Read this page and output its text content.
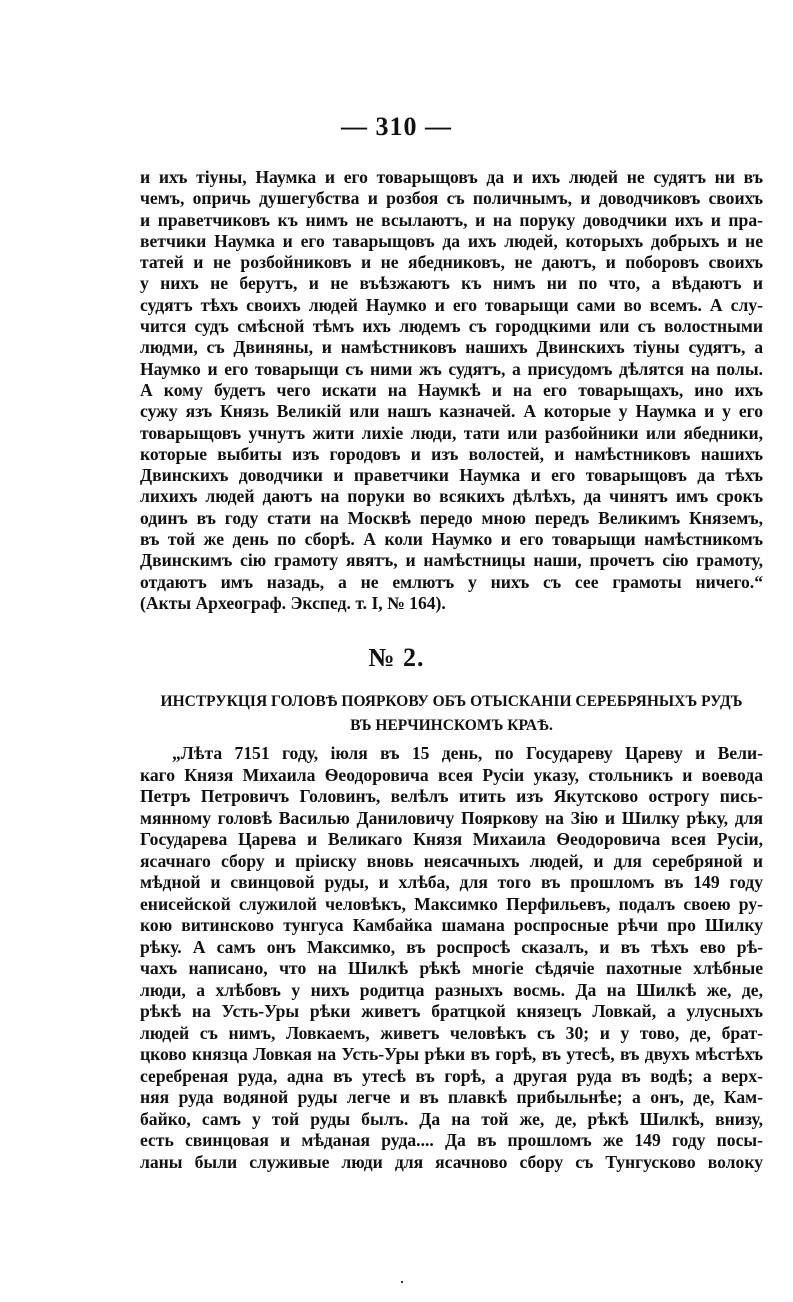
— 310 —
и ихъ тіуны, Наумка и его товарыщовъ да и ихъ людей не судятъ ни въ
чемъ, опричь душегубства и розбоя съ поличнымъ, и доводчиковъ своихъ
и праветчиковъ къ нимъ не всылаютъ, и на поруку доводчики ихъ и пра-
ветчики Наумка и его таварыщовъ да ихъ людей, которыхъ добрыхъ и не
татей и не розбойниковъ и не ябедниковъ, не даютъ, и поборовъ своихъ
у нихъ не берутъ, и не въѣзжаютъ къ нимъ ни по что, а вѣдаютъ и
судятъ тѣхъ своихъ людей Наумко и его товарыщи сами во всемъ. А слу-
чится судъ смѣсной тѣмъ ихъ людемъ съ городцкими или съ волостными
людми, съ Двиняны, и намѣстниковъ нашихъ Двинскихъ тіуны судятъ, а
Наумко и его товарыщи съ ними жъ судятъ, а присудомъ дѣлятся на полы.
А кому будетъ чего искати на Наумкѣ и на его товарыщахъ, ино ихъ
сужу язъ Князь Великій или нашъ казначей. А которые у Наумка и у его
товарыщовъ учнутъ жити лихіе люди, тати или разбойники или ябедники,
которые выбиты изъ городовъ и изъ волостей, и намѣстниковъ нашихъ
Двинскихъ доводчики и праветчики Наумка и его товарыщовъ да тѣхъ
лихихъ людей даютъ на поруки во всякихъ дѣлѣхъ, да чинятъ имъ срокъ
одинъ въ году стати на Москвѣ передо мною передъ Великимъ Княземъ,
въ той же день по сборѣ. А коли Наумко и его товарыщи намѣстникомъ
Двинскимъ сію грамоту явятъ, и намѣстницы наши, прочетъ сію грамоту,
отдаютъ имъ назадь, а не емлютъ у нихъ съ сее грамоты ничего.“
(Акты Археограф. Экспед. т. I, № 164).
№ 2.
ИНСТРУКЦІЯ ГОЛОВѢ ПОЯРКОВУ ОБЪ ОТЫСКАНІИ СЕРЕБРЯНЫХЪ РУДЪ
ВЪ НЕРЧИНСКОМЪ КРАѢ.
„Лѣта 7151 году, іюля въ 15 день, по Государеву Цареву и Вели-
каго Князя Михаила Ѳеодоровича всея Русіи указу, стольникъ и воевода
Петръ Петровичъ Головинъ, велѣлъ итить изъ Якутсково острогу пись-
мянному головѣ Василью Даниловичу Пояркову на Зію и Шилку рѣку, для
Государева Царева и Великаго Князя Михаила Ѳеодоровича всея Русіи,
ясачнаго сбору и пріиску вновь неясачныхъ людей, и для серебряной и
мѣдной и свинцовой руды, и хлѣба, для того въ прошломъ въ 149 году
енисейской служилой человѣкъ, Максимко Перфильевъ, подалъ своею ру-
кою витинсково тунгуса Камбайка шамана роспросные рѣчи про Шилку
рѣку. А самъ онъ Максимко, въ роспросѣ сказалъ, и въ тѣхъ ево рѣ-
чахъ написано, что на Шилкѣ рѣкѣ многіе сѣдячіе пахотные хлѣбные
люди, а хлѣбовъ у нихъ родитца разныхъ восмь. Да на Шилкѣ же, де,
рѣкѣ на Усть-Уры рѣки живетъ братцкой князецъ Ловкай, а улусныхъ
людей съ нимъ, Ловкаемъ, живетъ человѣкъ съ 30; и у тово, де, брат-
цково князца Ловкая на Усть-Уры рѣки въ горѣ, въ утесѣ, въ двухъ мѣстѣхъ
серебреная руда, адна въ утесѣ въ горѣ, а другая руда въ водѣ; а верх-
няя руда водяной руды легче и въ плавкѣ прибыльнѣе; а онъ, де, Кам-
байко, самъ у той руды былъ. Да на той же, де, рѣкѣ Шилкѣ, внизу,
есть свинцовая и мѣданая руда.... Да въ прошломъ же 149 году посы-
ланы были служивые люди для ясачново сбору съ Тунгусково волоку
